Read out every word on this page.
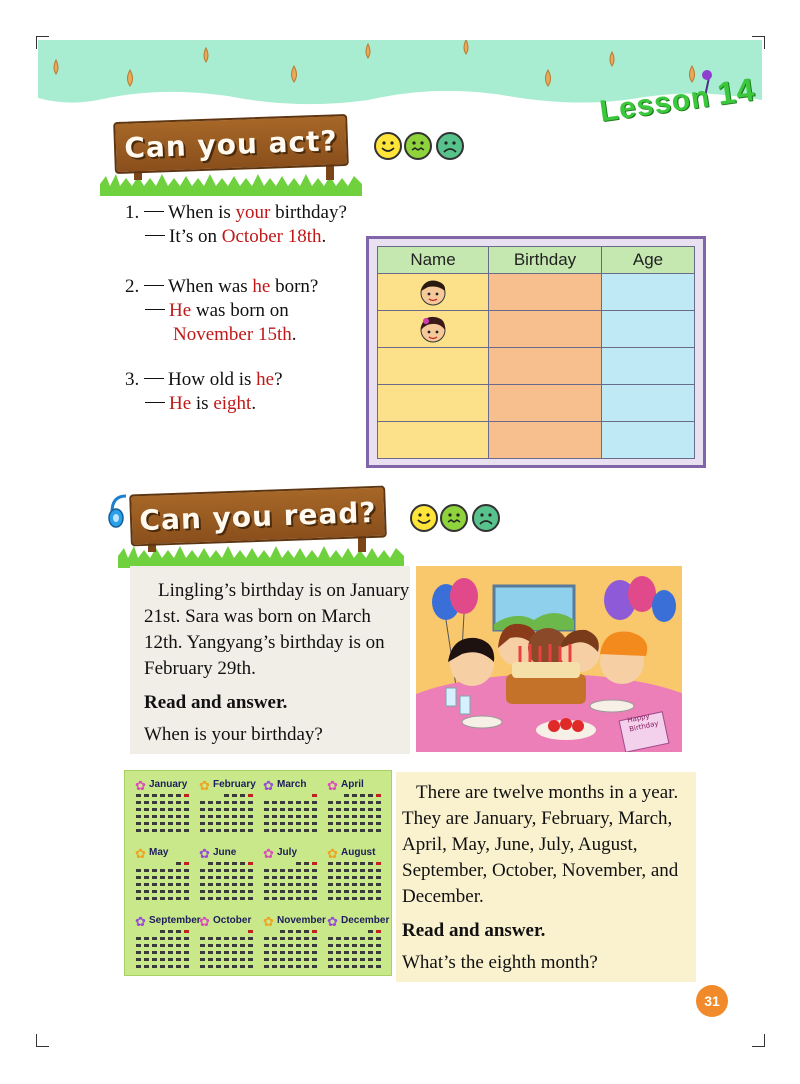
Lesson14
Can you act?
1. When is your birthday?
It’s on October 18th.
2. When was he born?
He was born on
November 15th.
3. How old is he?
He is eight.
Name	Birthday	Age

Can you read?

Lingling’s birthday is on January 21st. Sara was born on March 12th. Yangyang’s birthday is on February 29th.

Read and answer.

When is your birthday?

Happy Birthday
✿ January ✿ February ✿ March ✿ April
✿ May ✿ June ✿ July ✿ August
✿ September
✿ October ✿ November ✿ December

There are twelve months in a year. They are January, February, March, April, May, June, July, August, September, October, November, and December.

Read and answer.

What’s the eighth month?

31
